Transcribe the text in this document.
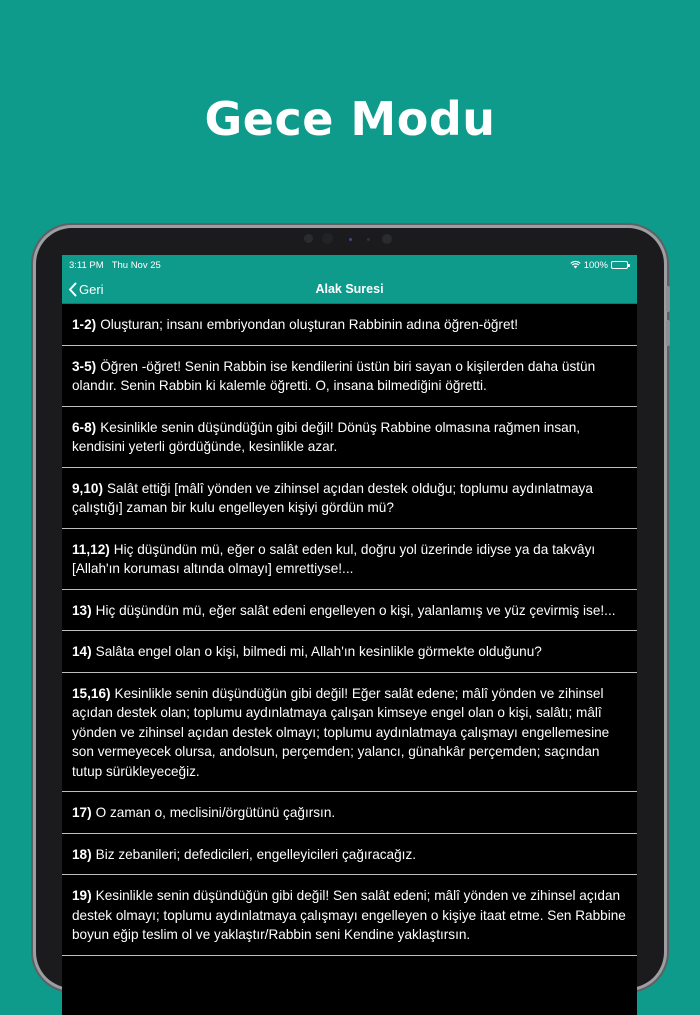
Gece Modu
3:11 PM Thu Nov 25	100%
Geri	Alak Suresi
1-2) Oluşturan; insanı embriyondan oluşturan Rabbinin adına öğren-öğret!
3-5) Öğren -öğret! Senin Rabbin ise kendilerini üstün biri sayan o kişilerden daha üstün olandır. Senin Rabbin ki kalemle öğretti. O, insana bilmediğini öğretti.
6-8) Kesinlikle senin düşündüğün gibi değil! Dönüş Rabbine olmasına rağmen insan, kendisini yeterli gördüğünde, kesinlikle azar.
9,10) Salât ettiği [mâlî yönden ve zihinsel açıdan destek olduğu; toplumu aydınlatmaya çalıştığı] zaman bir kulu engelleyen kişiyi gördün mü?
11,12) Hiç düşündün mü, eğer o salât eden kul, doğru yol üzerinde idiyse ya da takvâyı [Allah'ın koruması altında olmayı] emrettiyse!...
13) Hiç düşündün mü, eğer salât edeni engelleyen o kişi, yalanlamış ve yüz çevirmiş ise!...
14) Salâta engel olan o kişi, bilmedi mi, Allah'ın kesinlikle görmekte olduğunu?
15,16) Kesinlikle senin düşündüğün gibi değil! Eğer salât edene; mâlî yönden ve zihinsel açıdan destek olan; toplumu aydınlatmaya çalışan kimseye engel olan o kişi, salâtı; mâlî yönden ve zihinsel açıdan destek olmayı; toplumu aydınlatmaya çalışmayı engellemesine son vermeyecek olursa, andolsun, perçemden; yalancı, günahkâr perçemden; saçından tutup sürükleyeceğiz.
17) O zaman o, meclisini/örgütünü çağırsın.
18) Biz zebanileri; defedicileri, engelleyicileri çağıracağız.
19) Kesinlikle senin düşündüğün gibi değil! Sen salât edeni; mâlî yönden ve zihinsel açıdan destek olmayı; toplumu aydınlatmaya çalışmayı engelleyen o kişiye itaat etme. Sen Rabbine boyun eğip teslim ol ve yaklaştır/Rabbin seni Kendine yaklaştırsın.
